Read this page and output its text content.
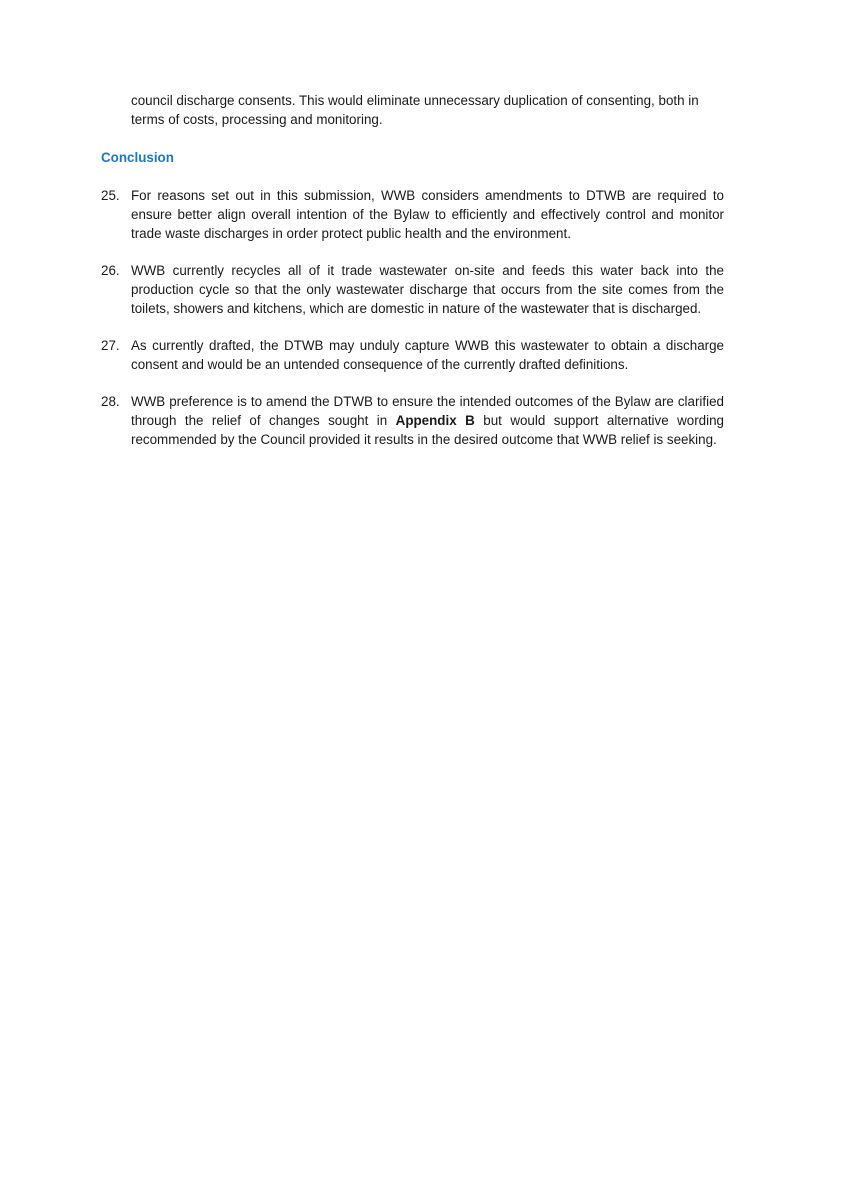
council discharge consents. This would eliminate unnecessary duplication of consenting, both in terms of costs, processing and monitoring.

Conclusion
25. For reasons set out in this submission, WWB considers amendments to DTWB are required to ensure better align overall intention of the Bylaw to efficiently and effectively control and monitor trade waste discharges in order protect public health and the environment.
26. WWB currently recycles all of it trade wastewater on-site and feeds this water back into the production cycle so that the only wastewater discharge that occurs from the site comes from the toilets, showers and kitchens, which are domestic in nature of the wastewater that is discharged.
27. As currently drafted, the DTWB may unduly capture WWB this wastewater to obtain a discharge consent and would be an untended consequence of the currently drafted definitions.
28. WWB preference is to amend the DTWB to ensure the intended outcomes of the Bylaw are clarified through the relief of changes sought in Appendix B but would support alternative wording recommended by the Council provided it results in the desired outcome that WWB relief is seeking.
